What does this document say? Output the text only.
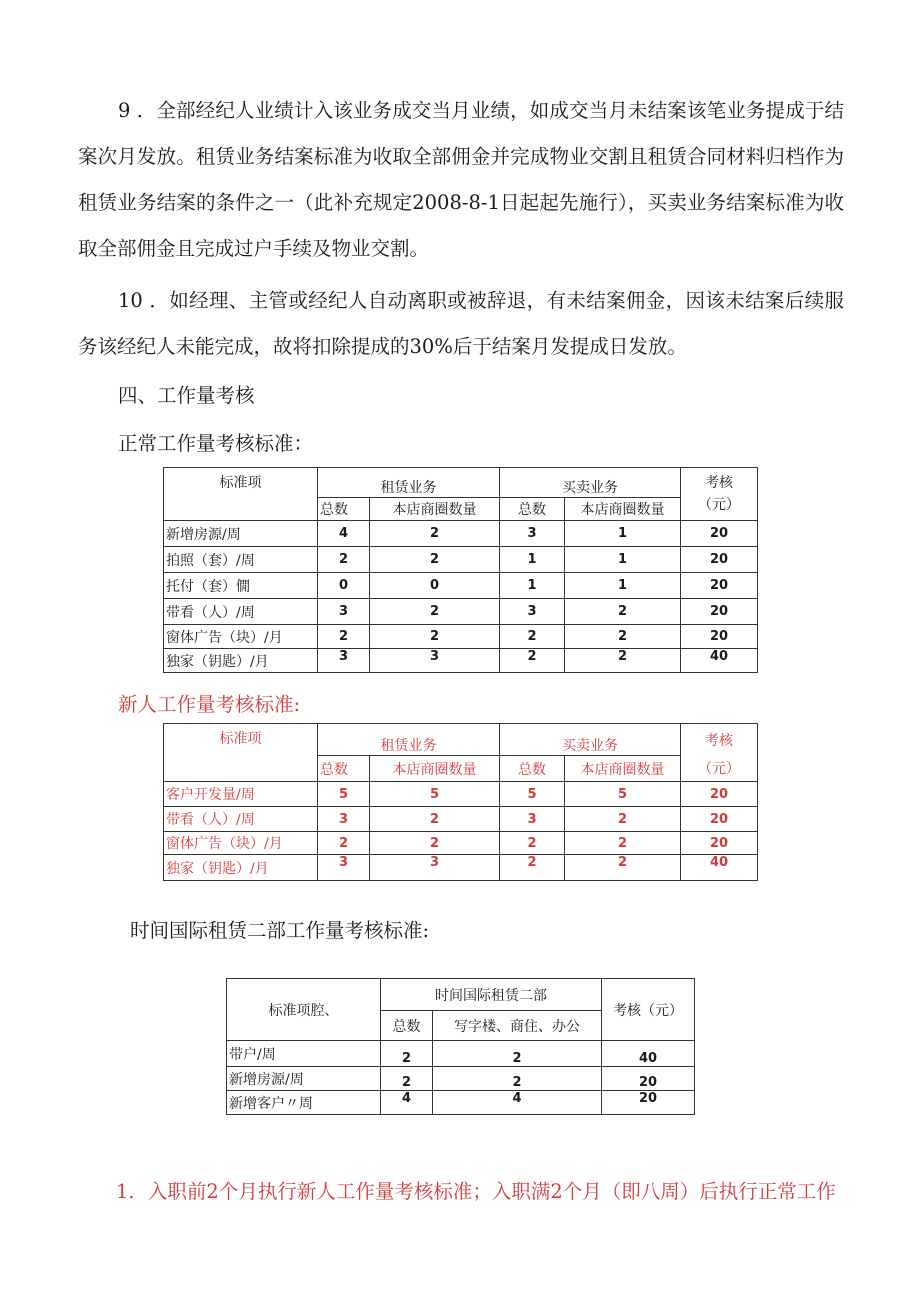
9 ．全部经纪人业绩计入该业务成交当月业绩，如成交当月未结案该笔业务提成于结案次月发放。租赁业务结案标准为收取全部佣金并完成物业交割且租赁合同材料归档作为租赁业务结案的条件之一（此补充规定2008-8-1日起起先施行），买卖业务结案标准为收取全部佣金且完成过户手续及物业交割。

10 ．如经理、主管或经纪人自动离职或被辞退，有未结案佣金，因该未结案后续服务该经纪人未能完成，故将扣除提成的30%后于结案月发提成日发放。

四、工作量考核

正常工作量考核标准：

标准项	租赁业务		买卖业务		考核
（元）
	总数	本店商圈数量	总数	本店商圈数量	
新增房源/周	4	2	3	1	20
拍照（套）/周	2	2	1	1	20
托付（套）僩	0	0	1	1	20
带看（人）/周	3	2	3	2	20
窗体广告（块）/月	2	2	2	2	20
独家（钥匙）/月	3	3	2	2	40

新人工作量考核标准:

标准项	租赁业务		买卖业务		考核
	总数	本店商圈数量	总数	本店商圈数量	（元）
客户开发量/周	5	5	5	5	20
带看（人）/周	3	2	3	2	20
窗体广告（块）/月	2	2	2	2	20
独家（钥匙）/月	3	3	2	2	40

时间国际租赁二部工作量考核标准:

标准项腔、	时间国际租赁二部		考核（元）
	总数	写字楼、商住、办公	
带户/周	2	2	40
新增房源/周	2	2	20
新增客户〃周	4	4	20

1．入职前2个月执行新人工作量考核标准；入职满2个月（即八周）后执行正常工作
